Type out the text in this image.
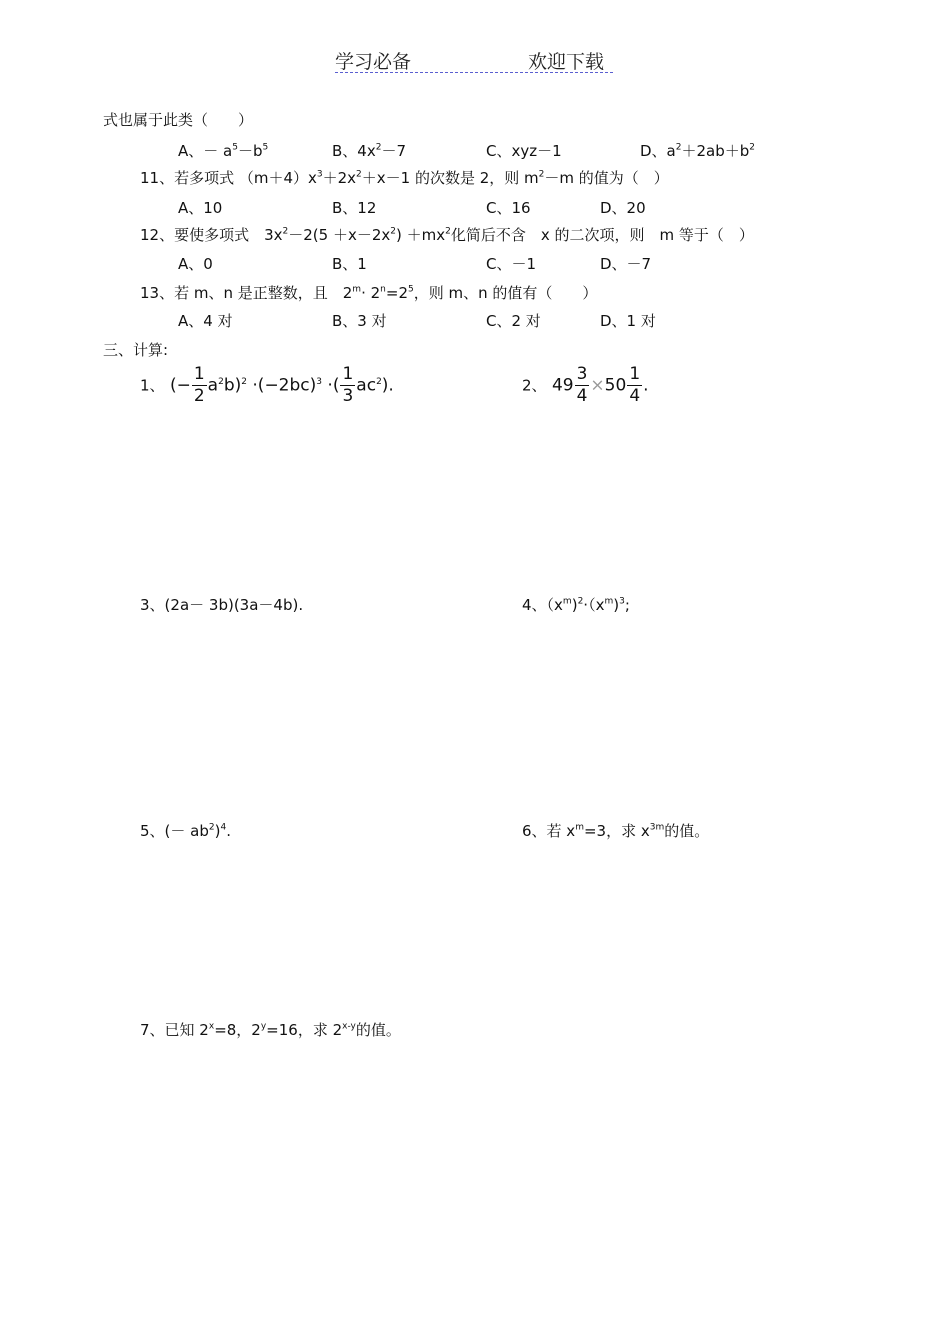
学习必备	欢迎下载
式也属于此类（　　）
A、－ $a^5-b^5$	B、$4x^2-7$	C、xyz－1	D、$a^2+2ab+b^2$
11、若多项式 $(m+4)x^3+2x^2+x-1$ 的次数是 2，则 $m^2-m$ 的值为（　）
A、10	B、12	C、16	D、20
12、要使多项式　$3x^2-2(5 +x-2x^2) +mx^2$化简后不含　x 的二次项，则　m 等于（　）
A、0	B、1	C、－1	D、－7
13、若 m、n 是正整数，且　$2^m\cdot 2^n=2^5$，则 m、n 的值有（　　）
A、4 对	B、3 对	C、2 对	D、1 对
三、计算:
1、 (− $\frac{1}{2} a^2b)^2 \cdot(-2bc)^3$ ·( $\frac{1}{3} ac^2$).	2、 $49 \frac{3}{4} \times 50 \frac{1}{4}$ .
3、(2a－ 3b)(3a－4b).	4、$(x^m)^2\cdot(x^m)^3$;
5、(－ $ab^2)^4$.	6、若 $x^m=3$，求 $x^{3m}$的值。
7、已知 $2^x=8$，$2^y=16$，求 2$^{x-y}$的值。
